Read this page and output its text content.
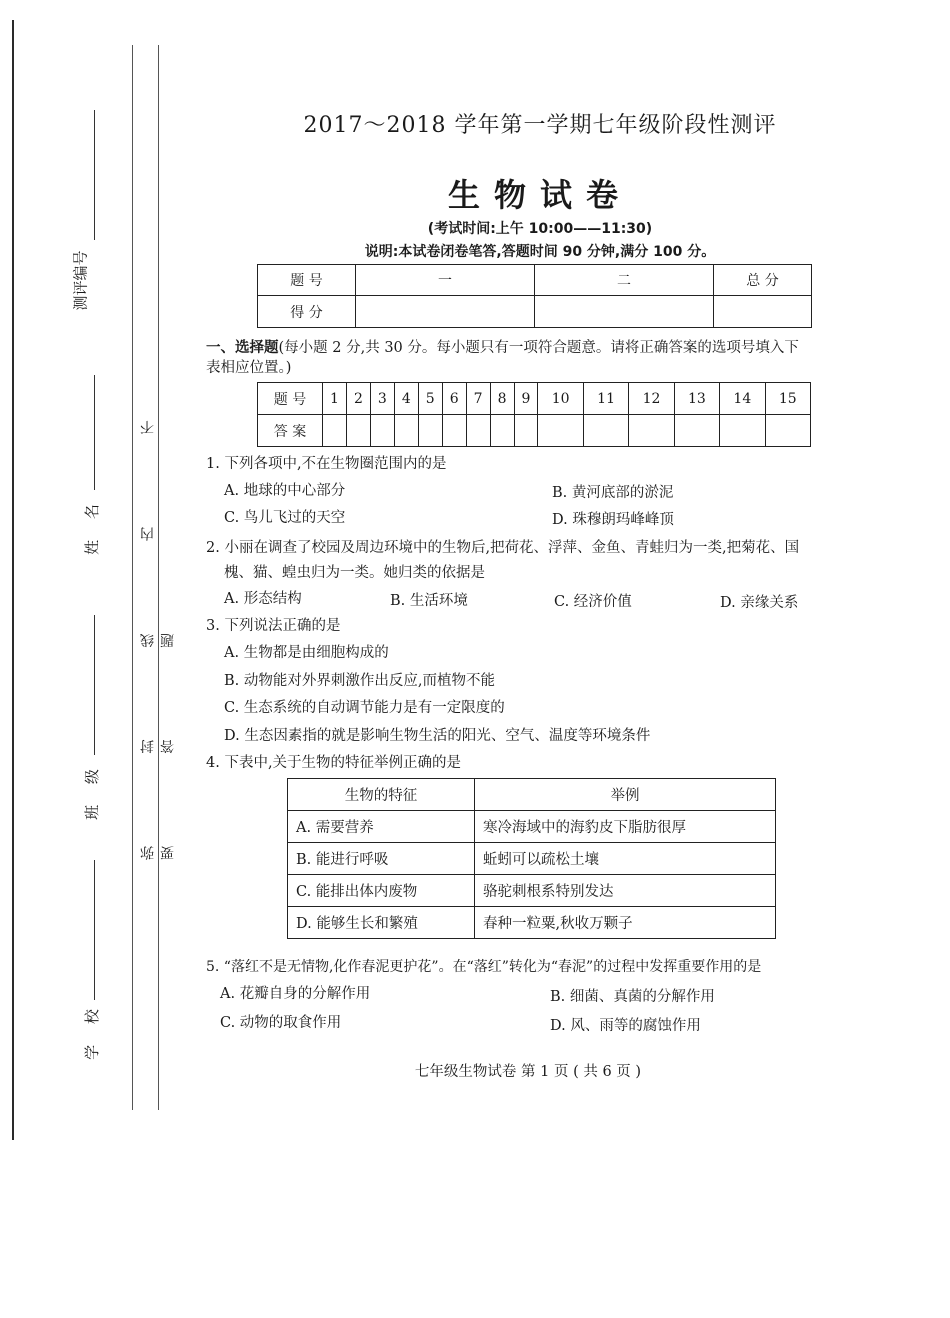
测评编号
姓 名
班 级
学 校
弥 封 线 内 不 要 答 题
2017～2018 学年第一学期七年级阶段性测评
生物试卷
(考试时间:上午 10:00——11:30)
说明:本试卷闭卷笔答,答题时间 90 分钟,满分 100 分。
题 号	一	二	总 分
得 分			
一、选择题(每小题 2 分,共 30 分。每小题只有一项符合题意。请将正确答案的选项号填入下
表相应位置。)
题 号	1	2	3	4	5	6	7	8	9	10	11	12	13	14	15
答 案															
1. 下列各项中,不在生物圈范围内的是
A. 地球的中心部分	B. 黄河底部的淤泥
C. 鸟儿飞过的天空	D. 珠穆朗玛峰峰顶
2. 小丽在调查了校园及周边环境中的生物后,把荷花、浮萍、金鱼、青蛙归为一类,把菊花、国
槐、猫、蝗虫归为一类。她归类的依据是
A. 形态结构	B. 生活环境	C. 经济价值	D. 亲缘关系
3. 下列说法正确的是
A. 生物都是由细胞构成的
B. 动物能对外界刺激作出反应,而植物不能
C. 生态系统的自动调节能力是有一定限度的
D. 生态因素指的就是影响生物生活的阳光、空气、温度等环境条件
4. 下表中,关于生物的特征举例正确的是
生物的特征	举例
A. 需要营养	寒冷海域中的海豹皮下脂肪很厚
B. 能进行呼吸	蚯蚓可以疏松土壤
C. 能排出体内废物	骆驼刺根系特别发达
D. 能够生长和繁殖	春种一粒粟,秋收万颗子
5. “落红不是无情物,化作春泥更护花”。在“落红”转化为“春泥”的过程中发挥重要作用的是
A. 花瓣自身的分解作用	B. 细菌、真菌的分解作用
C. 动物的取食作用	D. 风、雨等的腐蚀作用
七年级生物试卷 第 1 页 ( 共 6 页 )
